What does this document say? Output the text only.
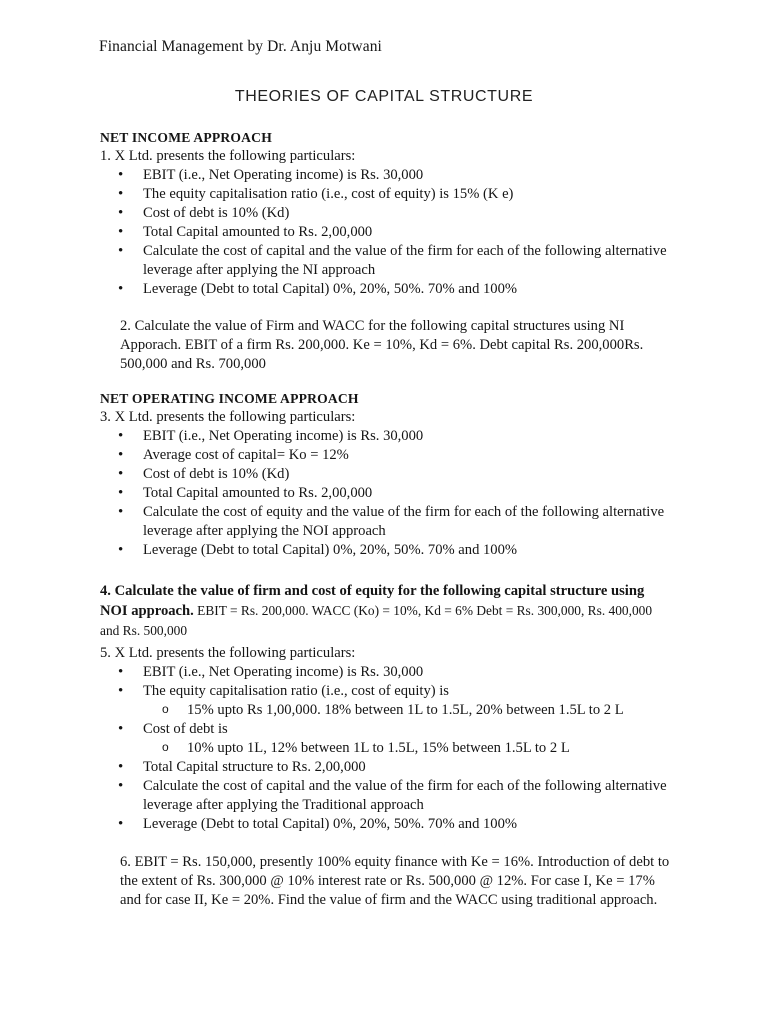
Financial Management by Dr. Anju Motwani
THEORIES OF CAPITAL STRUCTURE
NET INCOME APPROACH

1. X Ltd. presents the following particulars:

• EBIT (i.e., Net Operating income) is Rs. 30,000
• The equity capitalisation ratio (i.e., cost of equity) is 15% (K e)
• Cost of debt is 10% (Kd)
• Total Capital amounted to Rs. 2,00,000
• Calculate the cost of capital and the value of the firm for each of the following alternative leverage after applying the NI approach
• Leverage (Debt to total Capital) 0%, 20%, 50%. 70% and 100%
2. Calculate the value of Firm and WACC for the following capital structures using NI Apporach. EBIT of a firm Rs. 200,000. Ke = 10%, Kd = 6%. Debt capital Rs. 200,000Rs. 500,000 and Rs. 700,000
NET OPERATING INCOME APPROACH

3. X Ltd. presents the following particulars:

• EBIT (i.e., Net Operating income) is Rs. 30,000
• Average cost of capital= Ko = 12%
• Cost of debt is 10% (Kd)
• Total Capital amounted to Rs. 2,00,000
• Calculate the cost of equity and the value of the firm for each of the following alternative leverage after applying the NOI approach
• Leverage (Debt to total Capital) 0%, 20%, 50%. 70% and 100%
4. Calculate the value of firm and cost of equity for the following capital structure using NOI approach. EBIT = Rs. 200,000. WACC (Ko) = 10%, Kd = 6% Debt = Rs. 300,000, Rs. 400,000 and Rs. 500,000

5. X Ltd. presents the following particulars:

• EBIT (i.e., Net Operating income) is Rs. 30,000
• The equity capitalisation ratio (i.e., cost of equity) is
o 15% upto Rs 1,00,000. 18% between 1L to 1.5L, 20% between 1.5L to 2 L
• Cost of debt is
o 10% upto 1L, 12% between 1L to 1.5L, 15% between 1.5L to 2 L
• Total Capital structure to Rs. 2,00,000
• Calculate the cost of capital and the value of the firm for each of the following alternative leverage after applying the Traditional approach
• Leverage (Debt to total Capital) 0%, 20%, 50%. 70% and 100%
6. EBIT = Rs. 150,000, presently 100% equity finance with Ke = 16%. Introduction of debt to the extent of Rs. 300,000 @ 10% interest rate or Rs. 500,000 @ 12%. For case I, Ke = 17% and for case II, Ke = 20%. Find the value of firm and the WACC using traditional approach.
